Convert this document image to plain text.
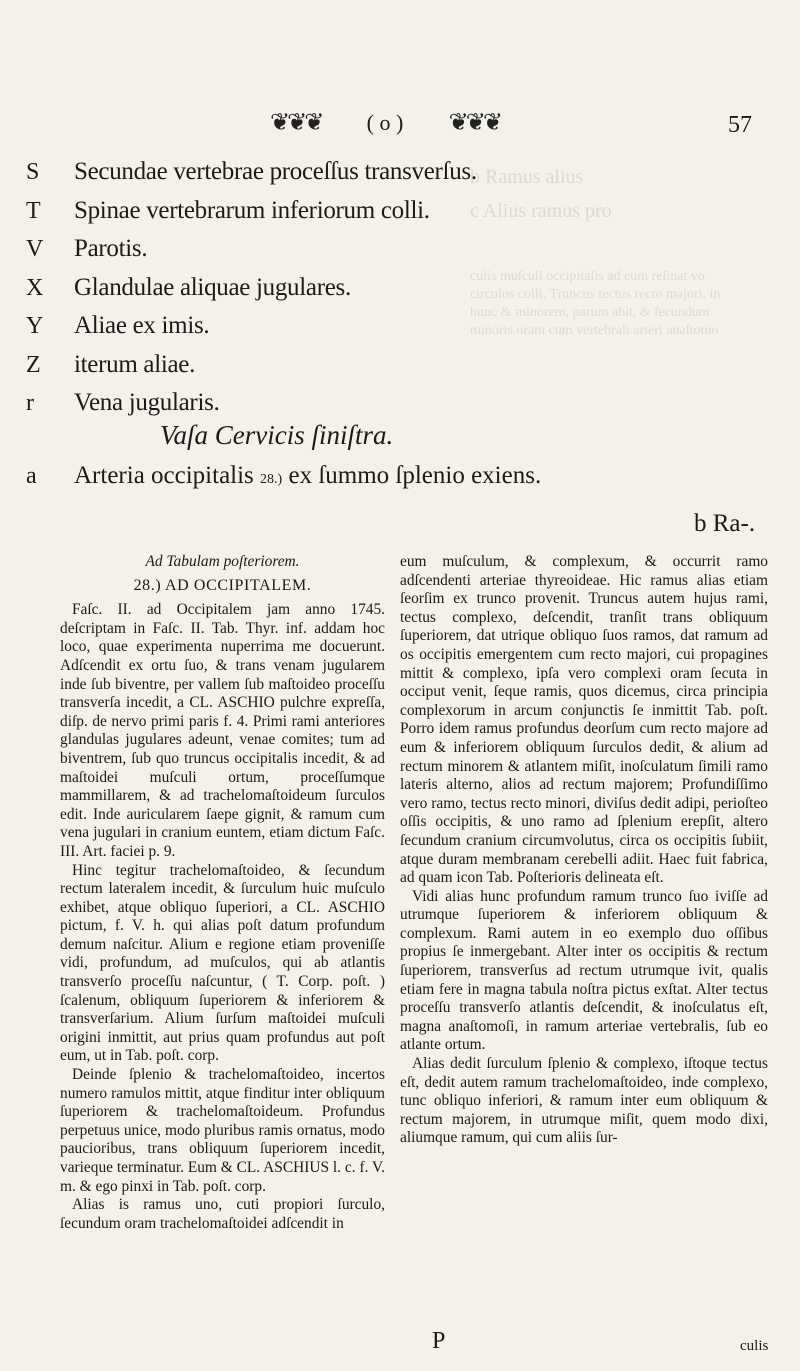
b Ramus alius
c Alius ramus pro
culis muſculi occipitalis ad eum reſinat vo
circulos colli. Truncus tectus recto majori, in
hunc & minorem, parum abit, & ſecundum
minoris oram cum vertebrali arteri anaſtomo
❦❦❦ ( o ) ❦❦❦	57
S	Secundae vertebrae proceſſus transverſus.
T	Spinae vertebrarum inferiorum colli.
V	Parotis.
X	Glandulae aliquae jugulares.
Y	Aliae ex imis.
Z	iterum aliae.
r	Vena jugularis.
Vaſa Cervicis ſiniſtra.
a	Arteria occipitalis
28.)
ex ſummo ſplenio exiens.
b Ra-.
Ad Tabulam poſteriorem.
28.) AD OCCIPITALEM.

Faſc. II. ad Occipitalem jam anno 1745. deſcriptam in Faſc. II. Tab. Thyr. inf. addam hoc loco, quae experimenta nuperrima me docuerunt. Adſcendit ex ortu ſuo, & trans venam jugularem inde ſub biventre, per vallem ſub maſtoideo proceſſu transverſa incedit, a CL. ASCHIO pulchre expreſſa, diſp. de nervo primi paris f. 4. Primi rami anteriores glandulas jugulares adeunt, venae comites; tum ad biventrem, ſub quo truncus occipitalis incedit, & ad maſtoidei muſculi ortum, proceſſumque mammillarem, & ad trachelomaſtoideum ſurculos edit. Inde auricularem ſaepe gignit, & ramum cum vena jugulari in cranium euntem, etiam dictum Faſc. III. Art. faciei p. 9.

Hinc tegitur trachelomaſtoideo, & ſecundum rectum lateralem incedit, & ſurculum huic muſculo exhibet, atque obliquo ſuperiori, a CL. ASCHIO pictum, f. V. h. qui alias poſt datum profundum demum naſcitur. Alium e regione etiam proveniſſe vidi, profundum, ad muſculos, qui ab atlantis transverſo proceſſu naſcuntur, ( T. Corp. poſt. ) ſcalenum, obliquum ſuperiorem & inferiorem & transverſarium. Alium ſurſum maſtoidei muſculi origini inmittit, aut prius quam profundus aut poſt eum, ut in Tab. poſt. corp.

Deinde ſplenio & trachelomaſtoideo, incertos numero ramulos mittit, atque finditur inter obliquum ſuperiorem & trachelomaſtoideum. Profundus perpetuus unice, modo pluribus ramis ornatus, modo paucioribus, trans obliquum ſuperiorem incedit, varieque terminatur. Eum & CL. ASCHIUS l. c. f. V. m. & ego pinxi in Tab. poſt. corp.

Alias is ramus uno, cuti propiori ſurculo, ſecundum oram trachelomaſtoidei adſcendit in

eum muſculum, & complexum, & occurrit ramo adſcendenti arteriae thyreoideae. Hic ramus alias etiam ſeorſim ex trunco provenit. Truncus autem hujus rami, tectus complexo, deſcendit, tranſit trans obliquum ſuperiorem, dat utrique obliquo ſuos ramos, dat ramum ad os occipitis emergentem cum recto majori, cui propagines mittit & complexo, ipſa vero complexi oram ſecuta in occiput venit, ſeque ramis, quos dicemus, circa principia complexorum in arcum conjunctis ſe inmittit Tab. poſt. Porro idem ramus profundus deorſum cum recto majore ad eum & inferiorem obliquum ſurculos dedit, & alium ad rectum minorem & atlantem miſit, inoſculatum ſimili ramo lateris alterno, alios ad rectum majorem; Profundiſſimo vero ramo, tectus recto minori, diviſus dedit adipi, perioſteo oſſis occipitis, & uno ramo ad ſplenium erepſit, altero ſecundum cranium circumvolutus, circa os occipitis ſubiit, atque duram membranam cerebelli adiit. Haec fuit fabrica, ad quam icon Tab. Poſterioris delineata eſt.

Vidi alias hunc profundum ramum trunco ſuo iviſſe ad utrumque ſuperiorem & inferiorem obliquum & complexum. Rami autem in eo exemplo duo oſſibus propius ſe inmergebant. Alter inter os occipitis & rectum ſuperiorem, transverſus ad rectum utrumque ivit, qualis etiam fere in magna tabula noſtra pictus exſtat. Alter tectus proceſſu transverſo atlantis deſcendit, & inoſculatus eſt, magna anaſtomoſi, in ramum arteriae vertebralis, ſub eo atlante ortum.

Alias dedit ſurculum ſplenio & complexo, iſtoque tectus eſt, dedit autem ramum trachelomaſtoideo, inde complexo, tunc obliquo inferiori, & ramum inter eum obliquum & rectum majorem, in utrumque miſit, quem modo dixi, aliumque ramum, qui cum aliis ſur-

P	culis
